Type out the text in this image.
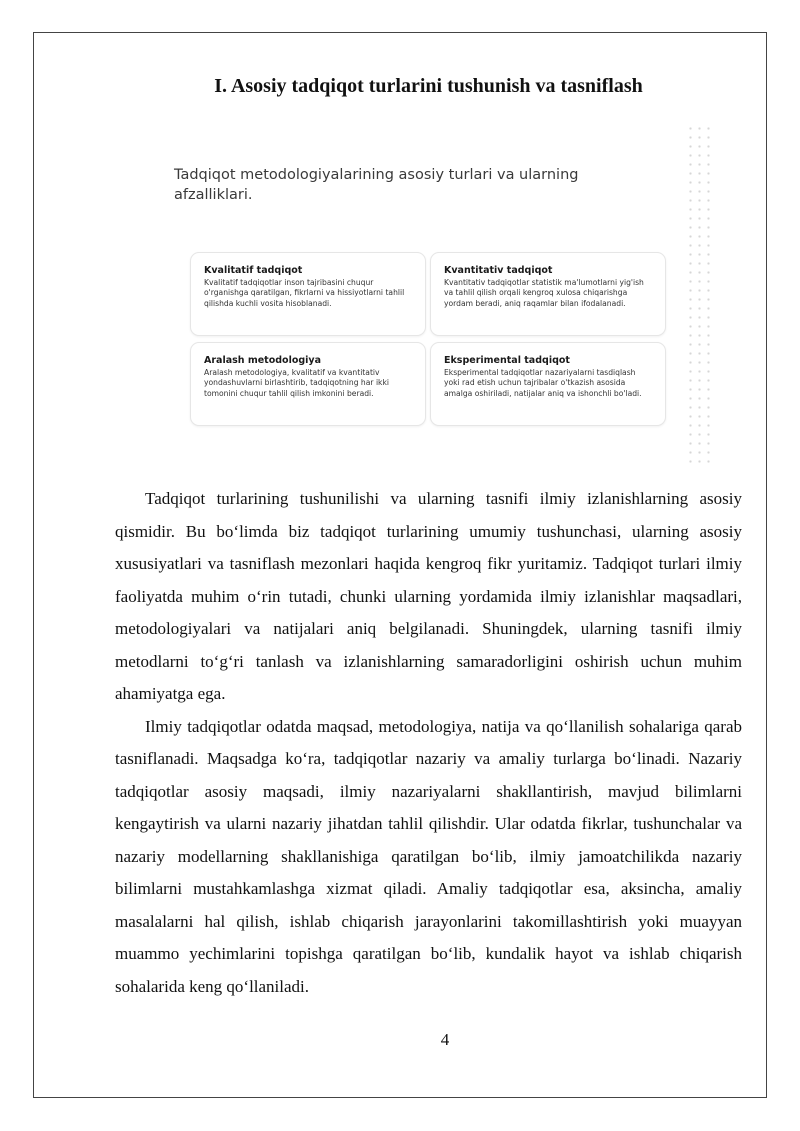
I. Asosiy tadqiqot turlarini tushunish va tasniflash
Tadqiqot metodologiyalarining asosiy turlari va ularning afzalliklari.
Kvalitatif tadqiqot
Kvalitatif tadqiqotlar inson tajribasini chuqur o'rganishga qaratilgan, fikrlarni va hissiyotlarni tahlil qilishda kuchli vosita hisoblanadi.
Kvantitativ tadqiqot
Kvantitativ tadqiqotlar statistik ma'lumotlarni yig'ish va tahlil qilish orqali kengroq xulosa chiqarishga yordam beradi, aniq raqamlar bilan ifodalanadi.
Aralash metodologiya
Aralash metodologiya, kvalitatif va kvantitativ yondashuvlarni birlashtirib, tadqiqotning har ikki tomonini chuqur tahlil qilish imkonini beradi.
Eksperimental tadqiqot
Eksperimental tadqiqotlar nazariyalarni tasdiqlash yoki rad etish uchun tajribalar o'tkazish asosida amalga oshiriladi, natijalar aniq va ishonchli bo'ladi.

Tadqiqot turlarining tushunilishi va ularning tasnifi ilmiy izlanishlarning asosiy qismidir. Bu bo‘limda biz tadqiqot turlarining umumiy tushunchasi, ularning asosiy xususiyatlari va tasniflash mezonlari haqida kengroq fikr yuritamiz. Tadqiqot turlari ilmiy faoliyatda muhim o‘rin tutadi, chunki ularning yordamida ilmiy izlanishlar maqsadlari, metodologiyalari va natijalari aniq belgilanadi. Shuningdek, ularning tasnifi ilmiy metodlarni to‘g‘ri tanlash va izlanishlarning samaradorligini oshirish uchun muhim ahamiyatga ega.

Ilmiy tadqiqotlar odatda maqsad, metodologiya, natija va qo‘llanilish sohalariga qarab tasniflanadi. Maqsadga ko‘ra, tadqiqotlar nazariy va amaliy turlarga bo‘linadi. Nazariy tadqiqotlar asosiy maqsadi, ilmiy nazariyalarni shakllantirish, mavjud bilimlarni kengaytirish va ularni nazariy jihatdan tahlil qilishdir. Ular odatda fikrlar, tushunchalar va nazariy modellarning shakllanishiga qaratilgan bo‘lib, ilmiy jamoatchilikda nazariy bilimlarni mustahkamlashga xizmat qiladi. Amaliy tadqiqotlar esa, aksincha, amaliy masalalarni hal qilish, ishlab chiqarish jarayonlarini takomillashtirish yoki muayyan muammo yechimlarini topishga qaratilgan bo‘lib, kundalik hayot va ishlab chiqarish sohalarida keng qo‘llaniladi.

4
